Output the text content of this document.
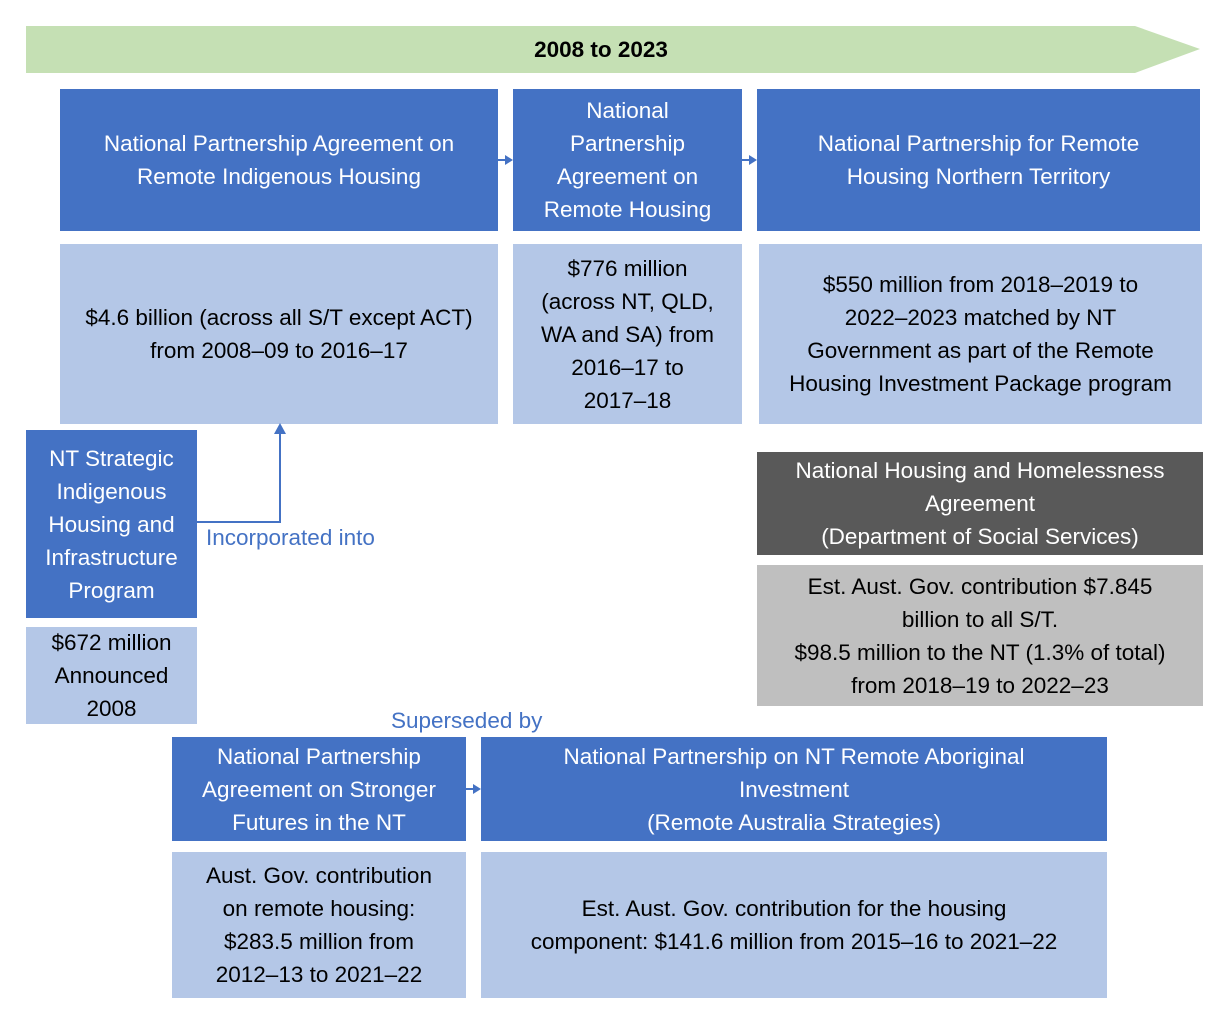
2008 to 2023
National Partnership Agreement on
Remote Indigenous Housing
National
Partnership
Agreement on
Remote Housing
National Partnership for Remote
Housing Northern Territory
$4.6 billion (across all S/T except ACT)
from 2008–09 to 2016–17
$776 million
(across NT, QLD,
WA and SA) from
2016–17 to
2017–18
$550 million from 2018–2019 to
2022–2023 matched by NT
Government as part of the Remote
Housing Investment Package program
NT Strategic
Indigenous
Housing and
Infrastructure
Program
$672 million
Announced
2008
National Housing and Homelessness
Agreement
(Department of Social Services)
Est. Aust. Gov. contribution $7.845
billion to all S/T.
$98.5 million to the NT (1.3% of total)
from 2018–19 to 2022–23
National Partnership
Agreement on Stronger
Futures in the NT
National Partnership on NT Remote Aboriginal
Investment
(Remote Australia Strategies)
Aust. Gov. contribution
on remote housing:
$283.5 million from
2012–13 to 2021–22
Est. Aust. Gov. contribution for the housing
component: $141.6 million from 2015–16 to 2021–22
Incorporated into
Superseded by
